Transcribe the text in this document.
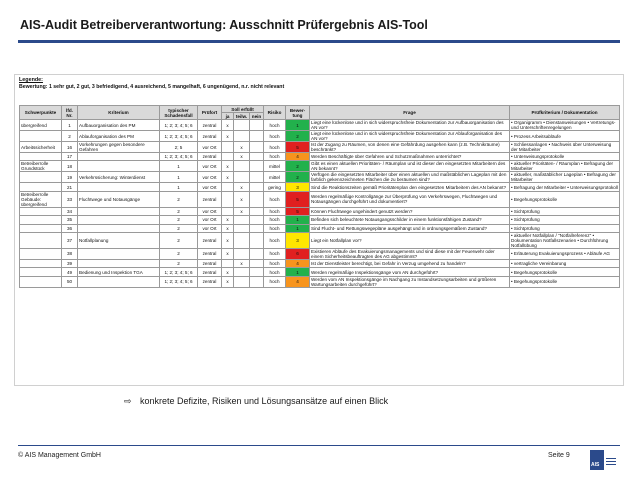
AIS-Audit Betreiberverantwortung: Ausschnitt Prüfergebnis AIS-Tool
Legende:
Bewertung: 1 sehr gut, 2 gut, 3 befriedigend, 4 ausreichend, 5 mangelhaft, 6 ungenügend, n.r. nicht relevant
Schwerpunkte	lfd. Nr.	Kriterium	typischer Schadensfall	Prüfort	Soll erfüllt			Risiko	Bewer-tung	Frage	Prüfkriterium / Dokumentation
					ja	teilw.	nein				
übergreifend	1	Aufbauorganisation des PM	1; 2; 3; 4; 5; 6	zentral	x			hoch	1	Liegt eine lückenlose und in sich widerspruchsfreie Dokumentation zur Aufbauorganisation des AN vor?	• Organigramm • Dienstanweisungen • Vertretungs- und Unterschriftenregelungen
	2	Ablauforganisation des PM	1; 2; 3; 4; 5; 6	zentral	x			hoch	2	Liegt eine lückenlose und in sich widerspruchsfreie Dokumentation zur Ablauforganisation des AN vor?	• Prozess Arbeitsabläufe
Arbeitssicherheit	16	Vorkehrungen gegen besondere Gefahren	2; 5	vor Ort		x		hoch	5	Ist der Zugang zu Räumen, von denen eine Gefährdung ausgehen kann (z.B. Technikräume) beschränkt?	• Schliessanlagen • Nachweis über Unterweisung der Mitarbeiter
	17		1; 2; 3; 4; 5; 6	zentral		x		hoch	4	Werden Beschäftigte über Gefahren und Schutzmaßnahmen unterrichtet?	• Unterweisungsprotokolle
Betreiberrolle Grundstück	18		1	vor Ort	x			mittel	2	Gibt es einen aktuellen Prioritäten- / Räumplan und ist dieser den eingesetzten Mitarbeitern des AN bekannt?	• aktueller Prioritäten- / Räumplan • Befragung der Mitarbeiter
	19	Verkehrssicherung: Winterdienst	1	vor Ort	x			mittel	2	Verfügen die eingesetzten Mitarbeiter über einen aktuellen und maßstäblichen Lageplan mit den farblich gekennzeichneten Flächen die zu beräumen sind?	• aktueller, maßstäblicher Lageplan • Befragung der Mitarbeiter
	21		1	vor Ort		x		gering	3	Sind die Reaktionszeiten gemäß Prioritätenplan den eingesetzten Mitarbeitern des AN bekannt?	• Befragung der Mitarbeiter • Unterweisungsprotokoll
Betreiberrolle Gebäude: übergreifend	33	Fluchtwege und Notausgänge	2	zentral		x		hoch	5	Werden regelmäßige Kontrollgänge zur Überprüfung von Verkehrswegen, Fluchtwegen und Notausgängen durchgeführt und dokumentiert?	• Begehungsprotokolle
	34		2	vor Ort		x		hoch	5	Können Fluchtwege ungehindert genutzt werden?	• Sichtprüfung
	35		2	vor Ort	x			hoch	1	Befinden sich beleuchtete Notausgangsschilder in einem funktionsfähigen Zustand?	• Sichtprüfung
	36		2	vor Ort	x			hoch	1	Sind Flucht- und Rettungswegepläne ausgehängt und in ordnungsgemäßem Zustand?	• Sichtprüfung
	37	Notfallplanung	2	zentral	x			hoch	3	Liegt ein Notfallplan vor?	• aktueller Notfallplan / "Notfallreferenz" • Dokumentation Notfallszenarien • Durchführung Notfallübung
	38		2	zentral	x			hoch	6	Existieren Abläufe des Evakuierungsmanagements und sind diese mit der Feuerwehr oder einem Sicherheitsbeauftragten des AG abgestimmt?	• Erläuterung Evakuierungsprozess • Abläufe AG
	39		2	zentral		x		hoch	4	Ist der Dienstleister berechtigt, bei Gefahr in Verzug umgehend zu handeln?	• vertragliche Vereinbarung
	49	Bedienung und Inspektion TGA	1; 2; 3; 4; 5; 6	zentral	x			hoch	1	Werden regelmäßige Inspektionsgänge vom AN durchgeführt?	• Begehungsprotokolle
	50		1; 2; 3; 4; 5; 6	zentral	x			hoch	4	Werden vom AN Inspektionsgänge im Nachgang zu Instandsetzungsarbeiten und größeren Wartungsarbeiten durchgeführt?	• Begehungsprotokolle
⇨ konkrete Defizite, Risiken und Lösungsansätze auf einen Blick
© AIS Management GmbH	Seite 9
AIS
